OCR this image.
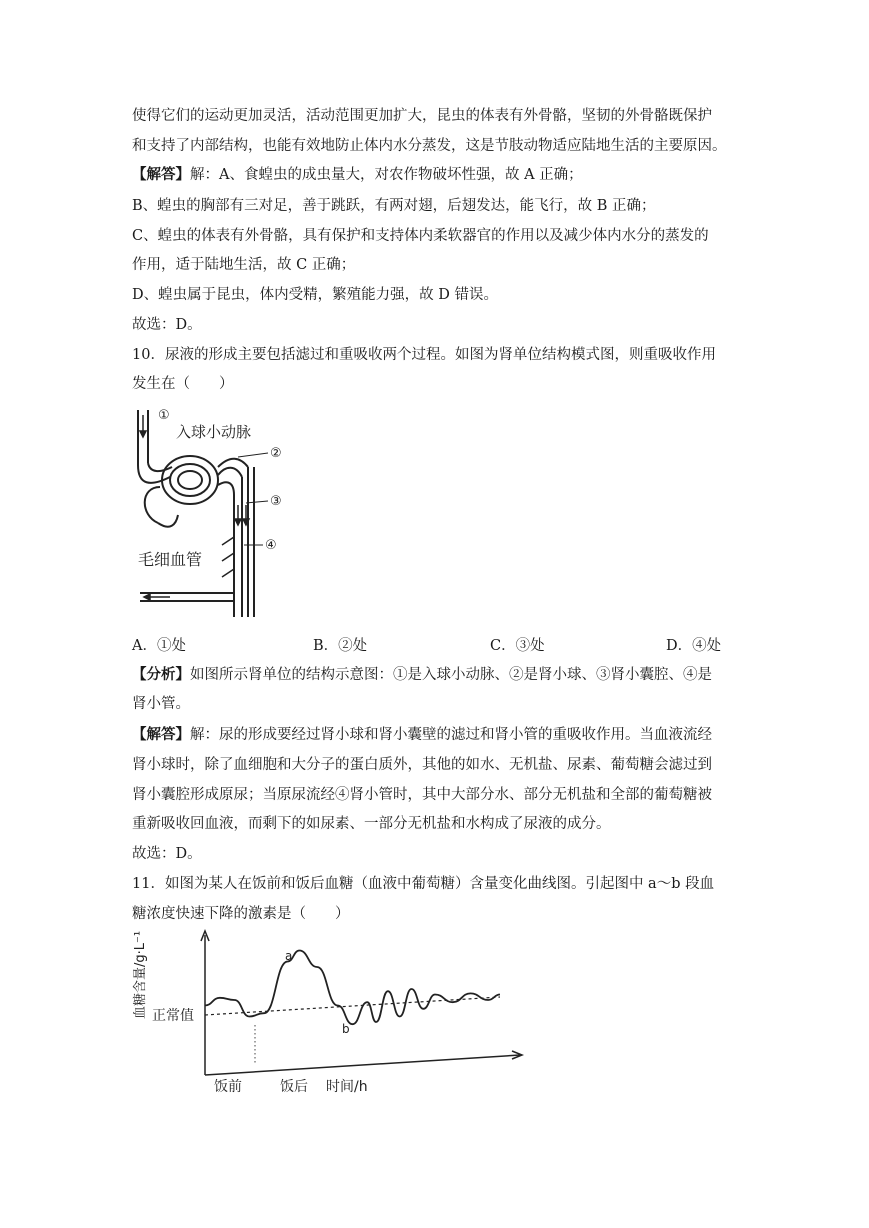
使得它们的运动更加灵活，活动范围更加扩大，昆虫的体表有外骨骼，坚韧的外骨骼既保护
和支持了内部结构，也能有效地防止体内水分蒸发，这是节肢动物适应陆地生活的主要原因。
【解答】解：A、食蝗虫的成虫量大，对农作物破坏性强，故 A 正确；
B、蝗虫的胸部有三对足，善于跳跃，有两对翅，后翅发达，能飞行，故 B 正确；
C、蝗虫的体表有外骨骼，具有保护和支持体内柔软器官的作用以及减少体内水分的蒸发的
作用，适于陆地生活，故 C 正确；
D、蝗虫属于昆虫，体内受精，繁殖能力强，故 D 错误。
故选：D。
10．尿液的形成主要包括滤过和重吸收两个过程。如图为肾单位结构模式图，则重吸收作用
发生在（　　）
①
入球小动脉
②
③
④
毛细血管
A．①处	B．②处	C．③处	D．④处
【分析】如图所示肾单位的结构示意图：①是入球小动脉、②是肾小球、③肾小囊腔、④是
肾小管。
【解答】解：尿的形成要经过肾小球和肾小囊壁的滤过和肾小管的重吸收作用。当血液流经
肾小球时，除了血细胞和大分子的蛋白质外，其他的如水、无机盐、尿素、葡萄糖会滤过到
肾小囊腔形成原尿；当原尿流经④肾小管时，其中大部分水、部分无机盐和全部的葡萄糖被
重新吸收回血液，而剩下的如尿素、一部分无机盐和水构成了尿液的成分。
故选：D。
11．如图为某人在饭前和饭后血糖（血液中葡萄糖）含量变化曲线图。引起图中 a～b 段血
糖浓度快速下降的激素是（　　）
a
b
正常值
血糖含量/g·L⁻¹
饭前	饭后 时间/h
